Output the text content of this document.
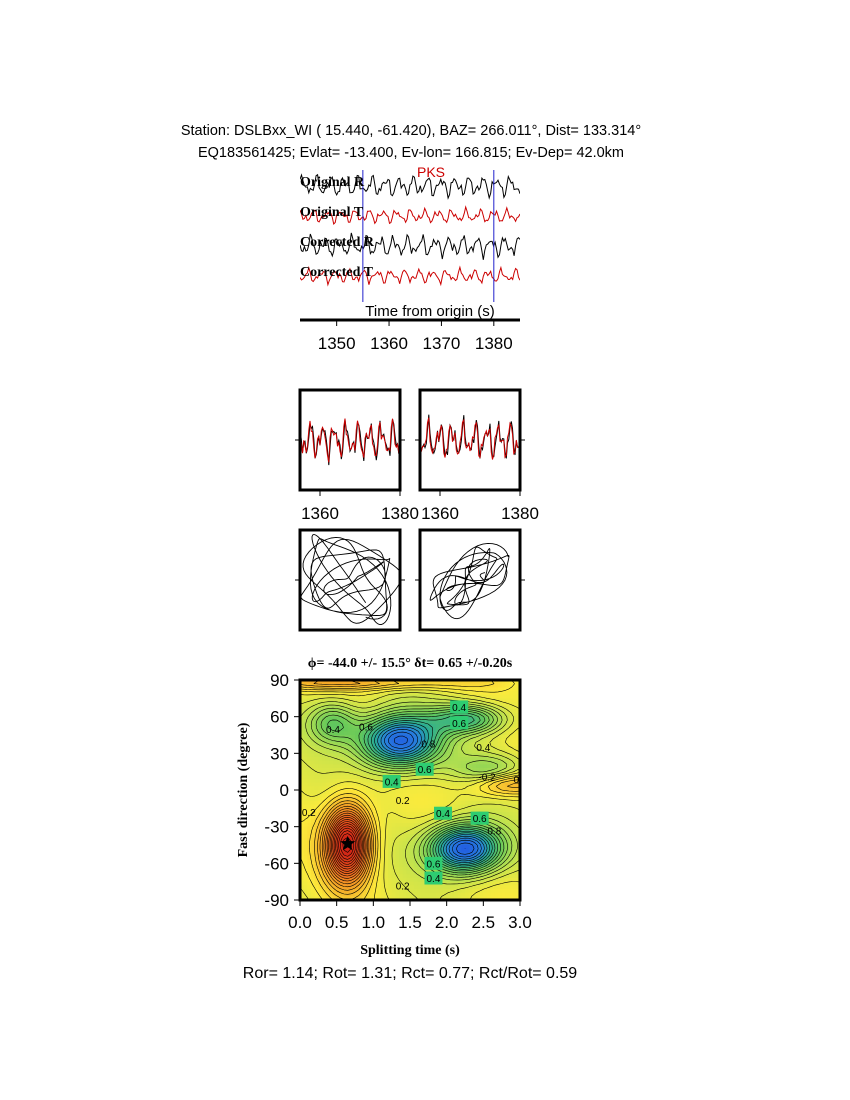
Station: DSLBxx_WI ( 15.440, -61.420), BAZ= 266.011°, Dist= 133.314°
EQ183561425; Evlat= -13.400, Ev-lon= 166.815; Ev-Dep= 42.0km
PKS
Original R
Original T
Corrected R
Corrected T
1350 1360 1370 1380
Time from origin (s)
1360 1380 1360 1380
ϕ= -44.0 +/- 15.5° δt= 0.65 +/-0.20s
0.4
0.6
0.6
0.4
0.8	0.4
0.6
0.4	-0.2 0
0.2
0.4 0.6
0.8
0.2
0.6
0.4
0.2
0.0 0.5 1.0 1.5 2.0 2.5 3.0
-90
-60
-30
0
30
60
90
Splitting time (s)
Fast direction (degree)
Ror= 1.14; Rot= 1.31; Rct= 0.77; Rct/Rot= 0.59
